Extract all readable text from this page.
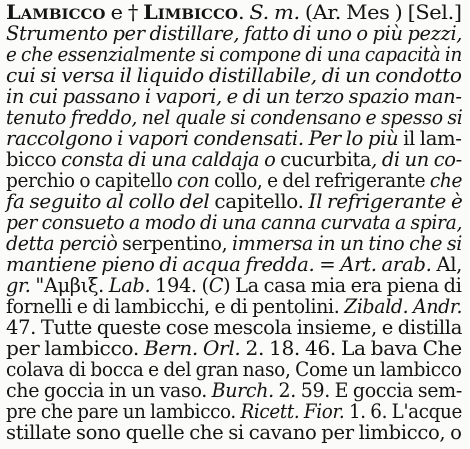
Lambicco e † Limbicco. S. m. (Ar. Mes ) [Sel.]
Strumento per distillare, fatto di uno o più pezzi,
e che essenzialmente si compone di una capacità in
cui si versa il liquido distillabile, di un condotto
in cui passano i vapori, e di un terzo spazio man-
tenuto freddo, nel quale si condensano e spesso si
raccolgono i vapori condensati. Per lo più il lam-
bicco consta di una caldaja o cucurbita, di un co-
perchio o capitello con collo, e del refrigerante che
fa seguito al collo del capitello. Il refrigerante è
per consueto a modo di una canna curvata a spira,
detta perciò serpentino, immersa in un tino che si
mantiene pieno di acqua fredda. = Art. arab. Al,
gr. "Αμβιξ. Lab. 194. (C) La casa mia era piena di
fornelli e di lambicchi, e di pentolini. Zibald. Andr.
47. Tutte queste cose mescola insieme, e distilla
per lambicco. Bern. Orl. 2. 18. 46. La bava Che
colava di bocca e del gran naso, Come un lambicco
che goccia in un vaso. Burch. 2. 59. E goccia sem-
pre che pare un lambicco. Ricett. Fior. 1. 6. L'acque
stillate sono quelle che si cavano per limbicco, o
